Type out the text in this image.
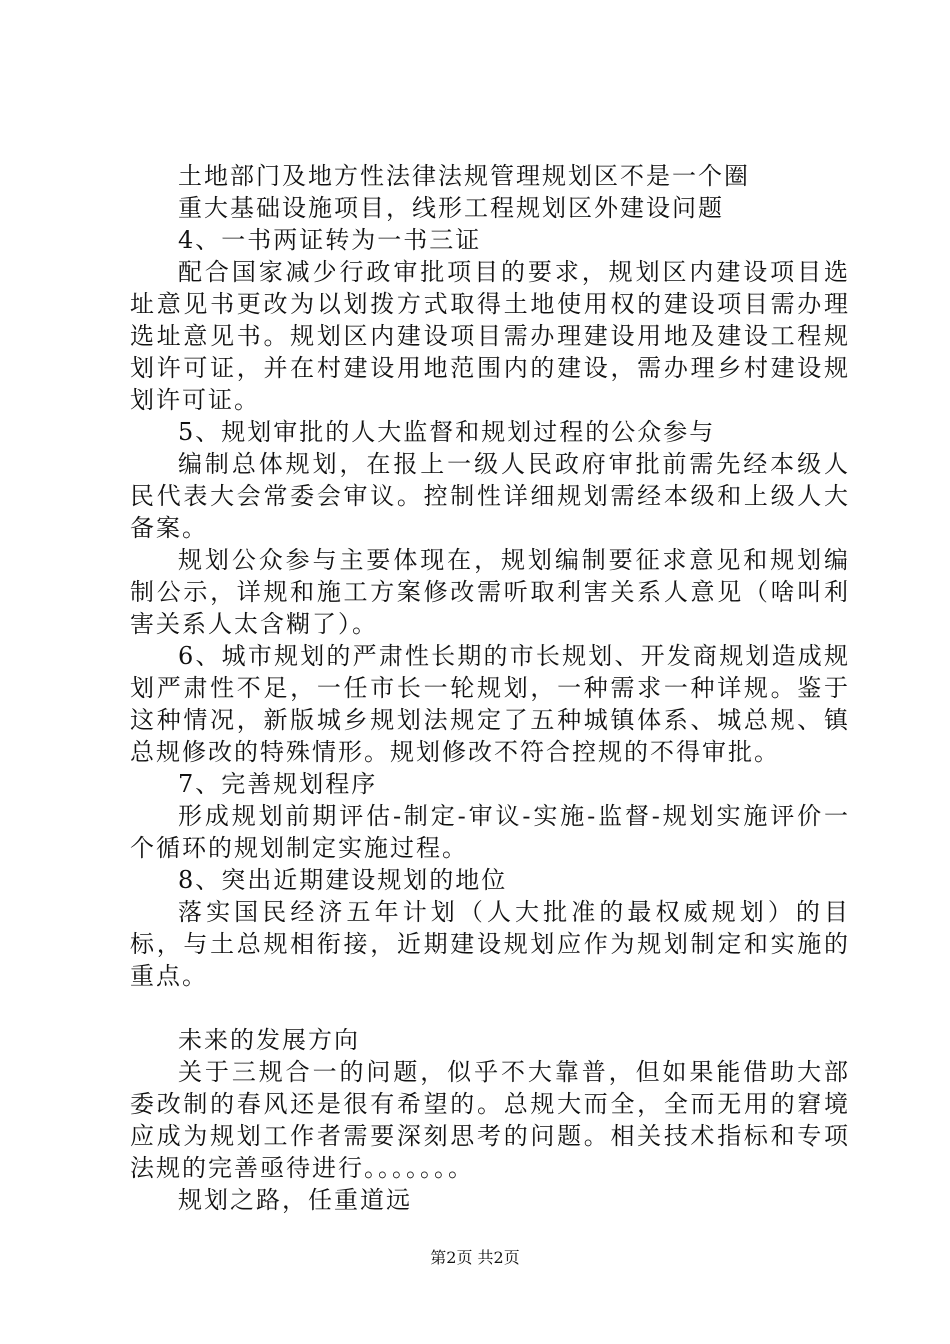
土地部门及地方性法律法规管理规划区不是一个圈

重大基础设施项目，线形工程规划区外建设问题

4、一书两证转为一书三证

配合国家减少行政审批项目的要求，规划区内建设项目选址意见书更改为以划拨方式取得土地使用权的建设项目需办理选址意见书。规划区内建设项目需办理建设用地及建设工程规划许可证，并在村建设用地范围内的建设，需办理乡村建设规划许可证。

5、规划审批的人大监督和规划过程的公众参与

编制总体规划，在报上一级人民政府审批前需先经本级人民代表大会常委会审议。控制性详细规划需经本级和上级人大备案。

规划公众参与主要体现在，规划编制要征求意见和规划编制公示，详规和施工方案修改需听取利害关系人意见（啥叫利害关系人太含糊了）。

6、城市规划的严肃性长期的市长规划、开发商规划造成规划严肃性不足，一任市长一轮规划，一种需求一种详规。鉴于这种情况，新版城乡规划法规定了五种城镇体系、城总规、镇总规修改的特殊情形。规划修改不符合控规的不得审批。

7、完善规划程序

形成规划前期评估-制定-审议-实施-监督-规划实施评价一个循环的规划制定实施过程。

8、突出近期建设规划的地位

落实国民经济五年计划（人大批准的最权威规划）的目标，与土总规相衔接，近期建设规划应作为规划制定和实施的重点。

未来的发展方向

关于三规合一的问题，似乎不大靠普，但如果能借助大部委改制的春风还是很有希望的。总规大而全，全而无用的窘境应成为规划工作者需要深刻思考的问题。相关技术指标和专项法规的完善亟待进行。。。。。。。

规划之路，任重道远

第2页 共2页
